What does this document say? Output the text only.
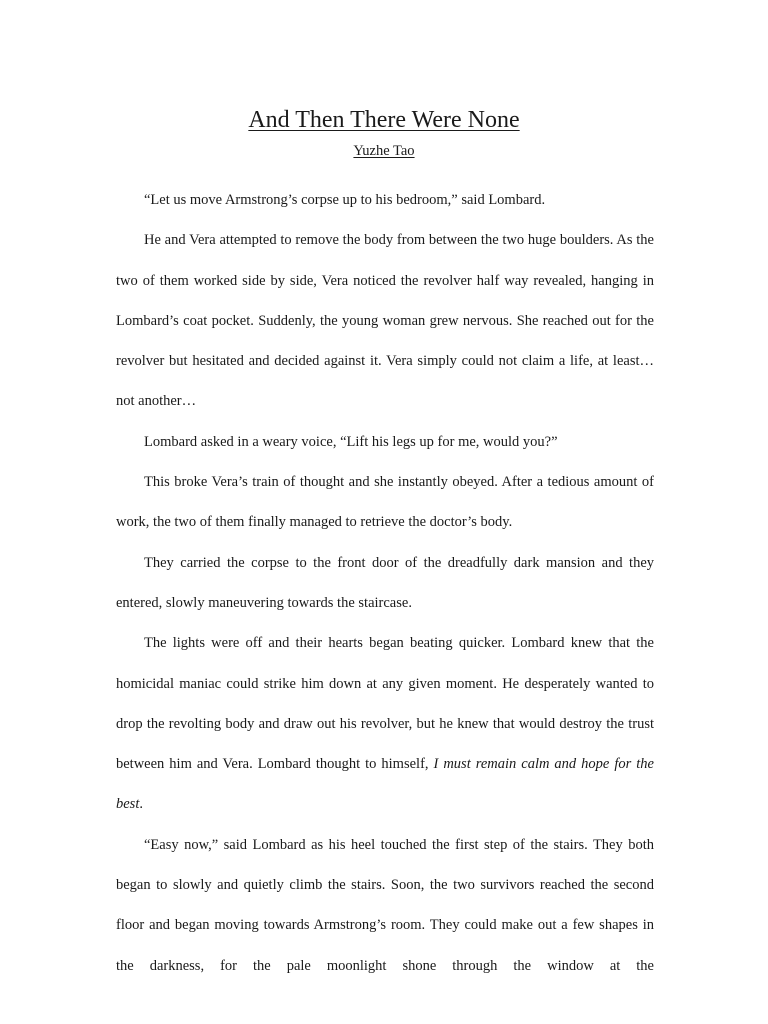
And Then There Were None
Yuzhe Tao

“Let us move Armstrong’s corpse up to his bedroom,” said Lombard.

He and Vera attempted to remove the body from between the two huge boulders. As the two of them worked side by side, Vera noticed the revolver half way revealed, hanging in Lombard’s coat pocket. Suddenly, the young woman grew nervous. She reached out for the revolver but hesitated and decided against it. Vera simply could not claim a life, at least…not another…

Lombard asked in a weary voice, “Lift his legs up for me, would you?”

This broke Vera’s train of thought and she instantly obeyed. After a tedious amount of work, the two of them finally managed to retrieve the doctor’s body.

They carried the corpse to the front door of the dreadfully dark mansion and they entered, slowly maneuvering towards the staircase.

The lights were off and their hearts began beating quicker. Lombard knew that the homicidal maniac could strike him down at any given moment. He desperately wanted to drop the revolting body and draw out his revolver, but he knew that would destroy the trust between him and Vera. Lombard thought to himself, I must remain calm and hope for the best.

“Easy now,” said Lombard as his heel touched the first step of the stairs. They both began to slowly and quietly climb the stairs. Soon, the two survivors reached the second floor and began moving towards Armstrong’s room. They could make out a few shapes in the darkness, for the pale moonlight shone through the window at the
